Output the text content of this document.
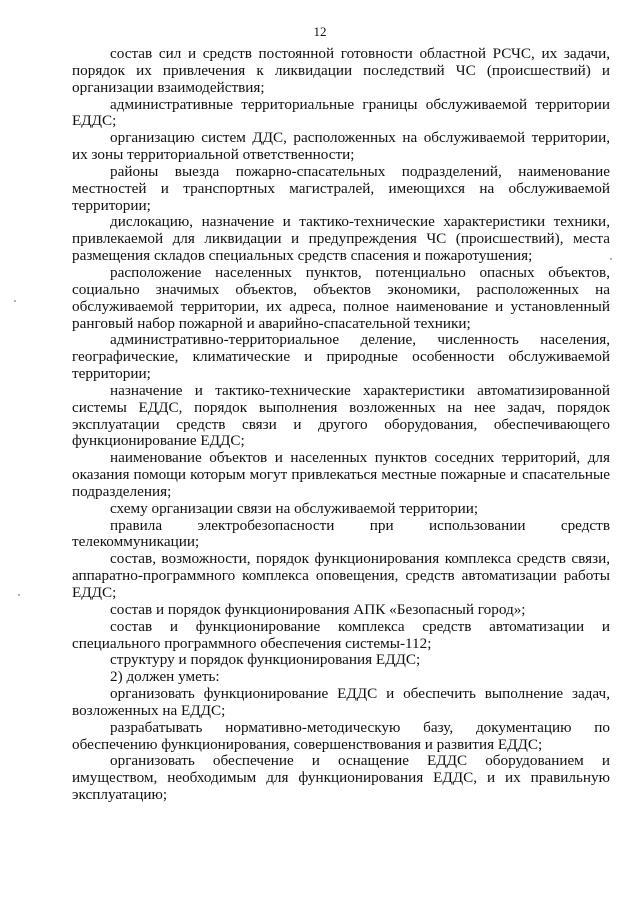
12

состав сил и средств постоянной готовности областной РСЧС, их задачи, порядок их привлечения к ликвидации последствий ЧС (происшествий) и организации взаимодействия;

административные территориальные границы обслуживаемой территории ЕДДС;

организацию систем ДДС, расположенных на обслуживаемой территории, их зоны территориальной ответственности;

районы выезда пожарно-спасательных подразделений, наименование местностей и транспортных магистралей, имеющихся на обслуживаемой территории;

дислокацию, назначение и тактико-технические характеристики техники, привлекаемой для ликвидации и предупреждения ЧС (происшествий), места размещения складов специальных средств спасения и пожаротушения;

расположение населенных пунктов, потенциально опасных объектов, социально значимых объектов, объектов экономики, расположенных на обслуживаемой территории, их адреса, полное наименование и установленный ранговый набор пожарной и аварийно-спасательной техники;

административно-территориальное деление, численность населения, географические, климатические и природные особенности обслуживаемой территории;

назначение и тактико-технические характеристики автоматизированной системы ЕДДС, порядок выполнения возложенных на нее задач, порядок эксплуатации средств связи и другого оборудования, обеспечивающего функционирование ЕДДС;

наименование объектов и населенных пунктов соседних территорий, для оказания помощи которым могут привлекаться местные пожарные и спасательные подразделения;

схему организации связи на обслуживаемой территории;

правила электробезопасности при использовании средств телекоммуникации;

состав, возможности, порядок функционирования комплекса средств связи, аппаратно-программного комплекса оповещения, средств автоматизации работы ЕДДС;

состав и порядок функционирования АПК «Безопасный город»;

состав и функционирование комплекса средств автоматизации и специального программного обеспечения системы-112;

структуру и порядок функционирования ЕДДС;

2) должен уметь:

организовать функционирование ЕДДС и обеспечить выполнение задач, возложенных на ЕДДС;

разрабатывать нормативно-методическую базу, документацию по обеспечению функционирования, совершенствования и развития ЕДДС;

организовать обеспечение и оснащение ЕДДС оборудованием и имуществом, необходимым для функционирования ЕДДС, и их правильную эксплуатацию;
